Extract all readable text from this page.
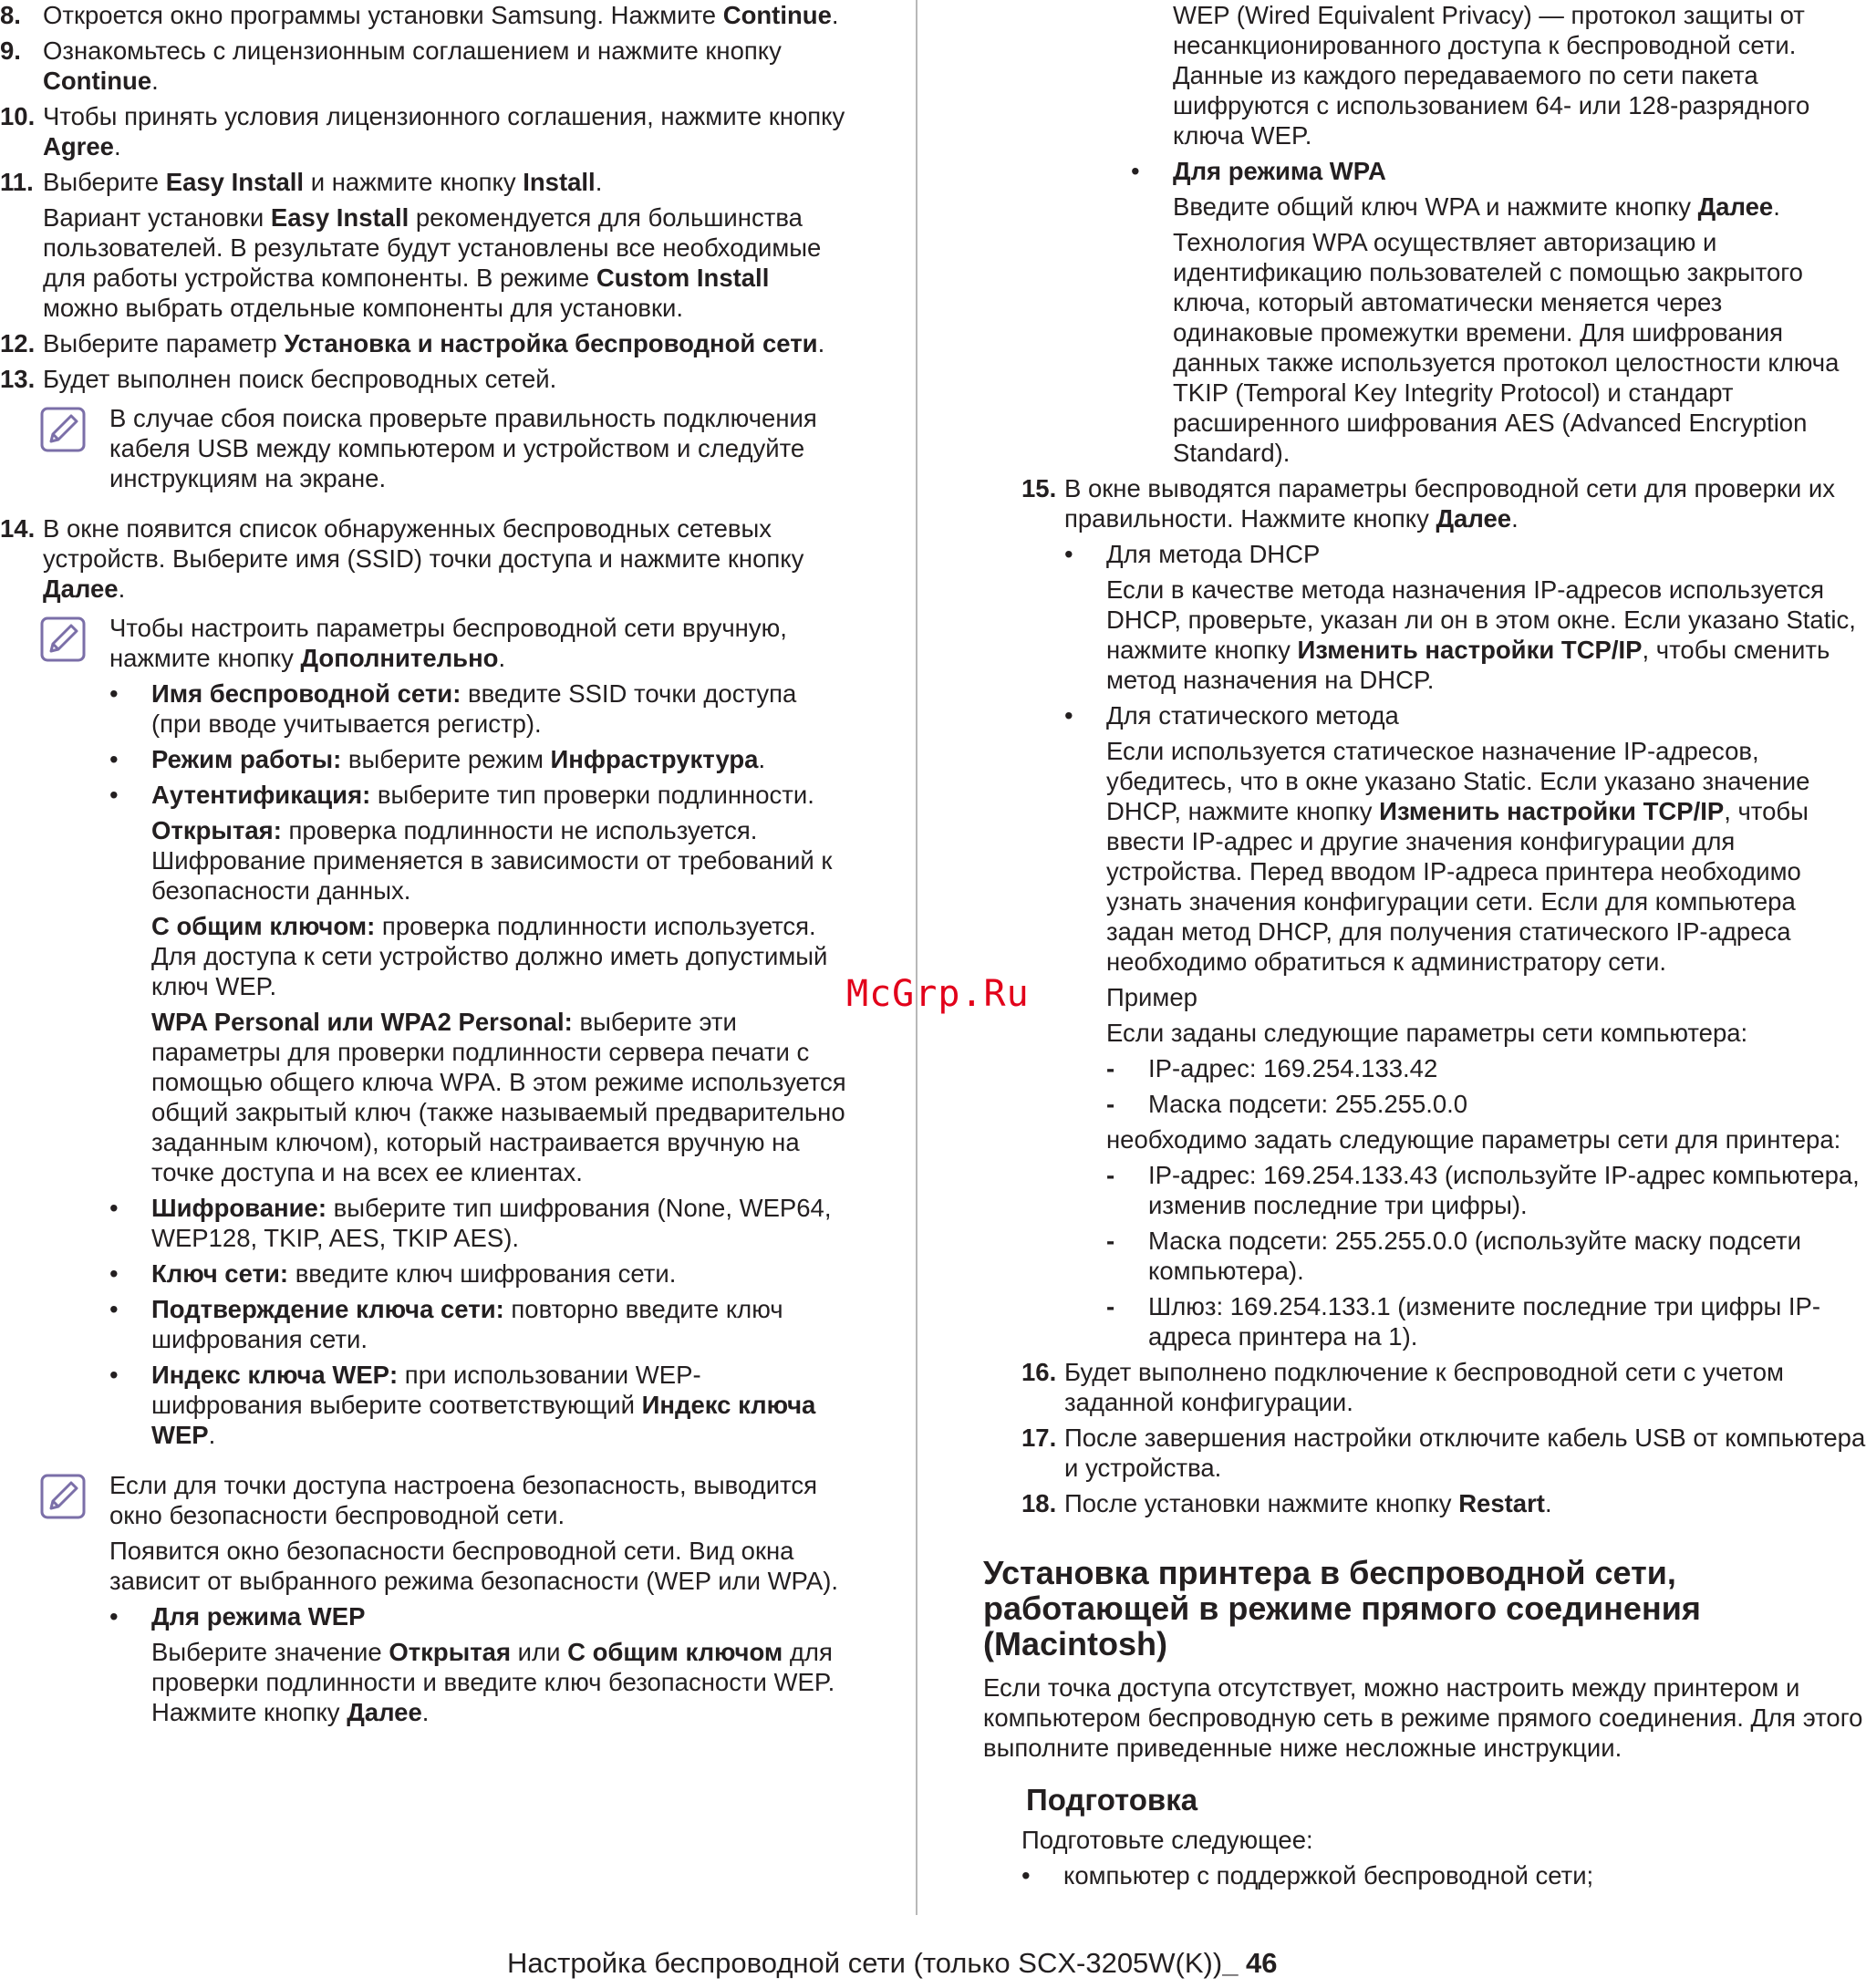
8. Откроется окно программы установки Samsung. Нажмите Continue.
9. Ознакомьтесь с лицензионным соглашением и нажмите кнопку Continue.
10. Чтобы принять условия лицензионного соглашения, нажмите кнопку Agree.
11. Выберите Easy Install и нажмите кнопку Install.

Вариант установки Easy Install рекомендуется для большинства пользователей. В результате будут установлены все необходимые для работы устройства компоненты. В режиме Custom Install можно выбрать отдельные компоненты для установки.

12. Выберите параметр Установка и настройка беспроводной сети.
13. Будет выполнен поиск беспроводных сетей.

В случае сбоя поиска проверьте правильность подключения кабеля USB между компьютером и устройством и следуйте инструкциям на экране.

14. В окне появится список обнаруженных беспроводных сетевых устройств. Выберите имя (SSID) точки доступа и нажмите кнопку Далее.

Чтобы настроить параметры беспроводной сети вручную, нажмите кнопку Дополнительно.

• Имя беспроводной сети: введите SSID точки доступа (при вводе учитывается регистр).
• Режим работы: выберите режим Инфраструктура.
• Аутентификация: выберите тип проверки подлинности.

Открытая: проверка подлинности не используется. Шифрование применяется в зависимости от требований к безопасности данных.

С общим ключом: проверка подлинности используется. Для доступа к сети устройство должно иметь допустимый ключ WEP.

WPA Personal или WPA2 Personal: выберите эти параметры для проверки подлинности сервера печати с помощью общего ключа WPA. В этом режиме используется общий закрытый ключ (также называемый предварительно заданным ключом), который настраивается вручную на точке доступа и на всех ее клиентах.

• Шифрование: выберите тип шифрования (None, WEP64, WEP128, TKIP, AES, TKIP AES).
• Ключ сети: введите ключ шифрования сети.
• Подтверждение ключа сети: повторно введите ключ шифрования сети.
• Индекс ключа WEP: при использовании WEP-шифрования выберите соответствующий Индекс ключа WEP.

Если для точки доступа настроена безопасность, выводится окно безопасности беспроводной сети.

Появится окно безопасности беспроводной сети. Вид окна зависит от выбранного режима безопасности (WEP или WPA).

• Для режима WEP

Выберите значение Открытая или С общим ключом для проверки подлинности и введите ключ безопасности WEP. Нажмите кнопку Далее.

WEP (Wired Equivalent Privacy) — протокол защиты от несанкционированного доступа к беспроводной сети. Данные из каждого передаваемого по сети пакета шифруются с использованием 64- или 128-разрядного ключа WEP.

• Для режима WPA

Введите общий ключ WPA и нажмите кнопку Далее.

Технология WPA осуществляет авторизацию и идентификацию пользователей с помощью закрытого ключа, который автоматически меняется через одинаковые промежутки времени. Для шифрования данных также используется протокол целостности ключа TKIP (Temporal Key Integrity Protocol) и стандарт расширенного шифрования AES (Advanced Encryption Standard).

15. В окне выводятся параметры беспроводной сети для проверки их правильности. Нажмите кнопку Далее.
• Для метода DHCP

Если в качестве метода назначения IP-адресов используется DHCP, проверьте, указан ли он в этом окне. Если указано Static, нажмите кнопку Изменить настройки TCP/IP, чтобы сменить метод назначения на DHCP.

• Для статического метода

Если используется статическое назначение IP-адресов, убедитесь, что в окне указано Static. Если указано значение DHCP, нажмите кнопку Изменить настройки TCP/IP, чтобы ввести IP-адрес и другие значения конфигурации для устройства. Перед вводом IP-адреса принтера необходимо узнать значения конфигурации сети. Если для компьютера задан метод DHCP, для получения статического IP-адреса необходимо обратиться к администратору сети.

Пример

Если заданы следующие параметры сети компьютера:

- IP-адрес: 169.254.133.42
- Маска подсети: 255.255.0.0

необходимо задать следующие параметры сети для принтера:

- IP-адрес: 169.254.133.43 (используйте IP-адрес компьютера, изменив последние три цифры).
- Маска подсети: 255.255.0.0 (используйте маску подсети компьютера).
- Шлюз: 169.254.133.1 (измените последние три цифры IP-адреса принтера на 1).
16. Будет выполнено подключение к беспроводной сети с учетом заданной конфигурации.
17. После завершения настройки отключите кабель USB от компьютера и устройства.
18. После установки нажмите кнопку Restart.
Установка принтера в беспроводной сети, работающей в режиме прямого соединения (Macintosh)

Если точка доступа отсутствует, можно настроить между принтером и компьютером беспроводную сеть в режиме прямого соединения. Для этого выполните приведенные ниже несложные инструкции.

Подготовка

Подготовьте следующее:

• компьютер с поддержкой беспроводной сети;
McGrp.Ru
Настройка беспроводной сети (только SCX-3205W(K))_ 46
